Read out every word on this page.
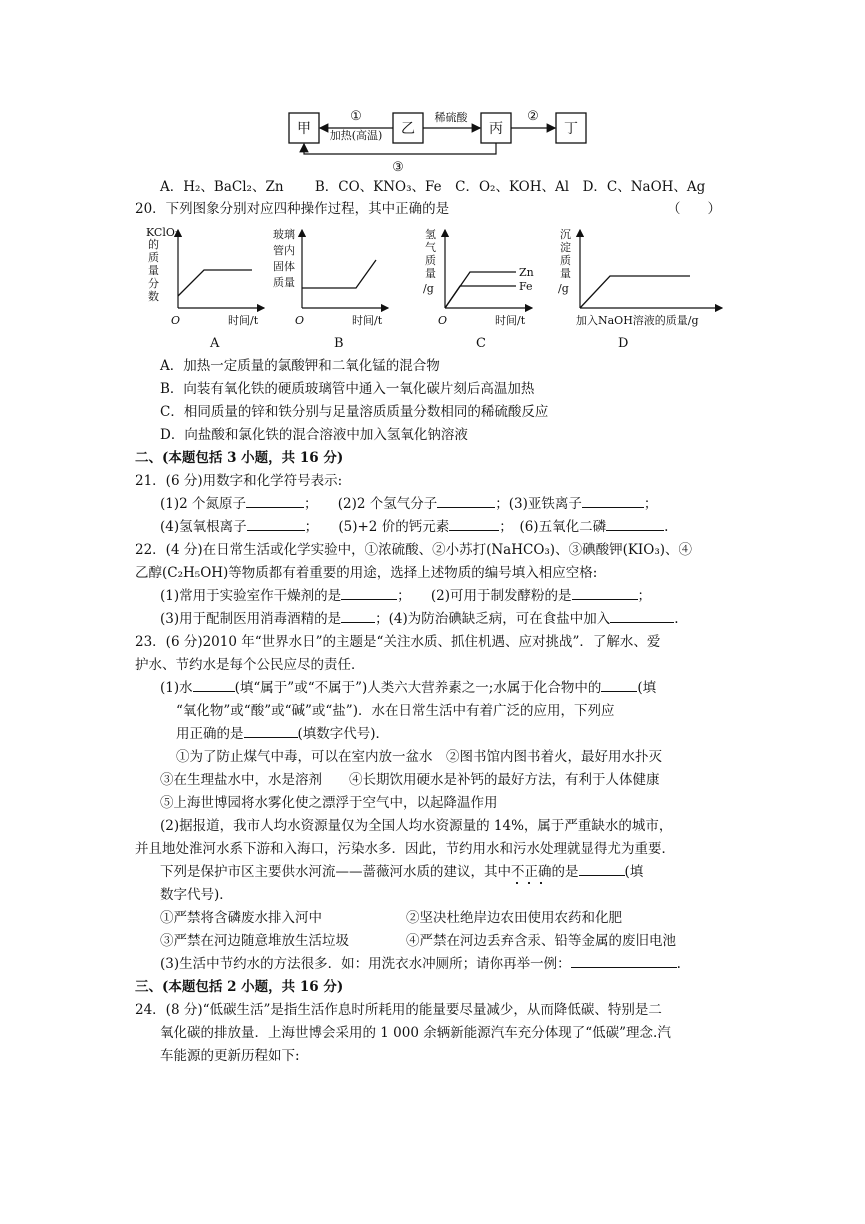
甲	乙	丙	丁
①
加热(高温)
稀硫酸	②
③
A．H₂、BaCl₂、Zn　 　B．CO、KNO₃、Fe　C．O₂、KOH、Al　D．C、NaOH、Ag
20．下列图象分别对应四种操作过程，其中正确的是	（　　）
KClO₃
的
质
量
分
数
O	时间/t
A
玻璃
管内
固体
质量
O	时间/t
B
氢
气
质
量
/g
Zn
Fe
O	时间/t
C
沉
淀
质
量
/g
加入NaOH溶液的质量/g
D
A．加热一定质量的氯酸钾和二氧化锰的混合物
B．向装有氧化铁的硬质玻璃管中通入一氧化碳片刻后高温加热
C．相同质量的锌和铁分别与足量溶质质量分数相同的稀硫酸反应
D．向盐酸和氯化铁的混合溶液中加入氢氧化钠溶液
二、(本题包括 3 小题，共 16 分)
21．(6 分)用数字和化学符号表示:
(1)2 个氮原子	；　　(2)2 个氢气分子	；(3)亚铁离子	；
(4)氢氧根离子	；　　(5)+2 价的钙元素	；　(6)五氧化二磷	.
22．(4 分)在日常生活或化学实验中，①浓硫酸、②小苏打(NaHCO₃)、③碘酸钾(KIO₃)、④
乙醇(C₂H₅OH)等物质都有着重要的用途，选择上述物质的编号填入相应空格:
(1)常用于实验室作干燥剂的是	；　　(2)可用于制发酵粉的是	；
(3)用于配制医用消毒酒精的是	；(4)为防治碘缺乏病，可在食盐中加入	.
23．(6 分)2010 年“世界水日”的主题是“关注水质、抓住机遇、应对挑战”．了解水、爱
护水、节约水是每个公民应尽的责任．
(1)水	(填“属于”或“不属于”)人类六大营养素之一;水属于化合物中的	(填
“氧化物”或“酸”或“碱”或“盐”)．水在日常生活中有着广泛的应用，下列应
用正确的是	(填数字代号)．
①为了防止煤气中毒，可以在室内放一盆水　②图书馆内图书着火，最好用水扑灭
③在生理盐水中，水是溶剂　　④长期饮用硬水是补钙的最好方法，有利于人体健康
⑤上海世博园将水雾化使之漂浮于空气中，以起降温作用
(2)据报道，我市人均水资源量仅为全国人均水资源量的 14%，属于严重缺水的城市，
并且地处淮河水系下游和入海口，污染水多．因此，节约用水和污水处理就显得尤为重要．
下列是保护市区主要供水河流——蔷薇河水质的建议，其中不正确的是	(填
数字代号)．
①严禁将含磷废水排入河中	②坚决杜绝岸边农田使用农药和化肥
③严禁在河边随意堆放生活垃圾	④严禁在河边丢弃含汞、铅等金属的废旧电池
(3)生活中节约水的方法很多．如：用洗衣水冲厕所；请你再举一例：	.
三、(本题包括 2 小题，共 16 分)
24．(8 分)“低碳生活”是指生活作息时所耗用的能量要尽量减少，从而降低碳、特别是二
氧化碳的排放量．上海世博会采用的 1 000 余辆新能源汽车充分体现了“低碳”理念.汽
车能源的更新历程如下:
